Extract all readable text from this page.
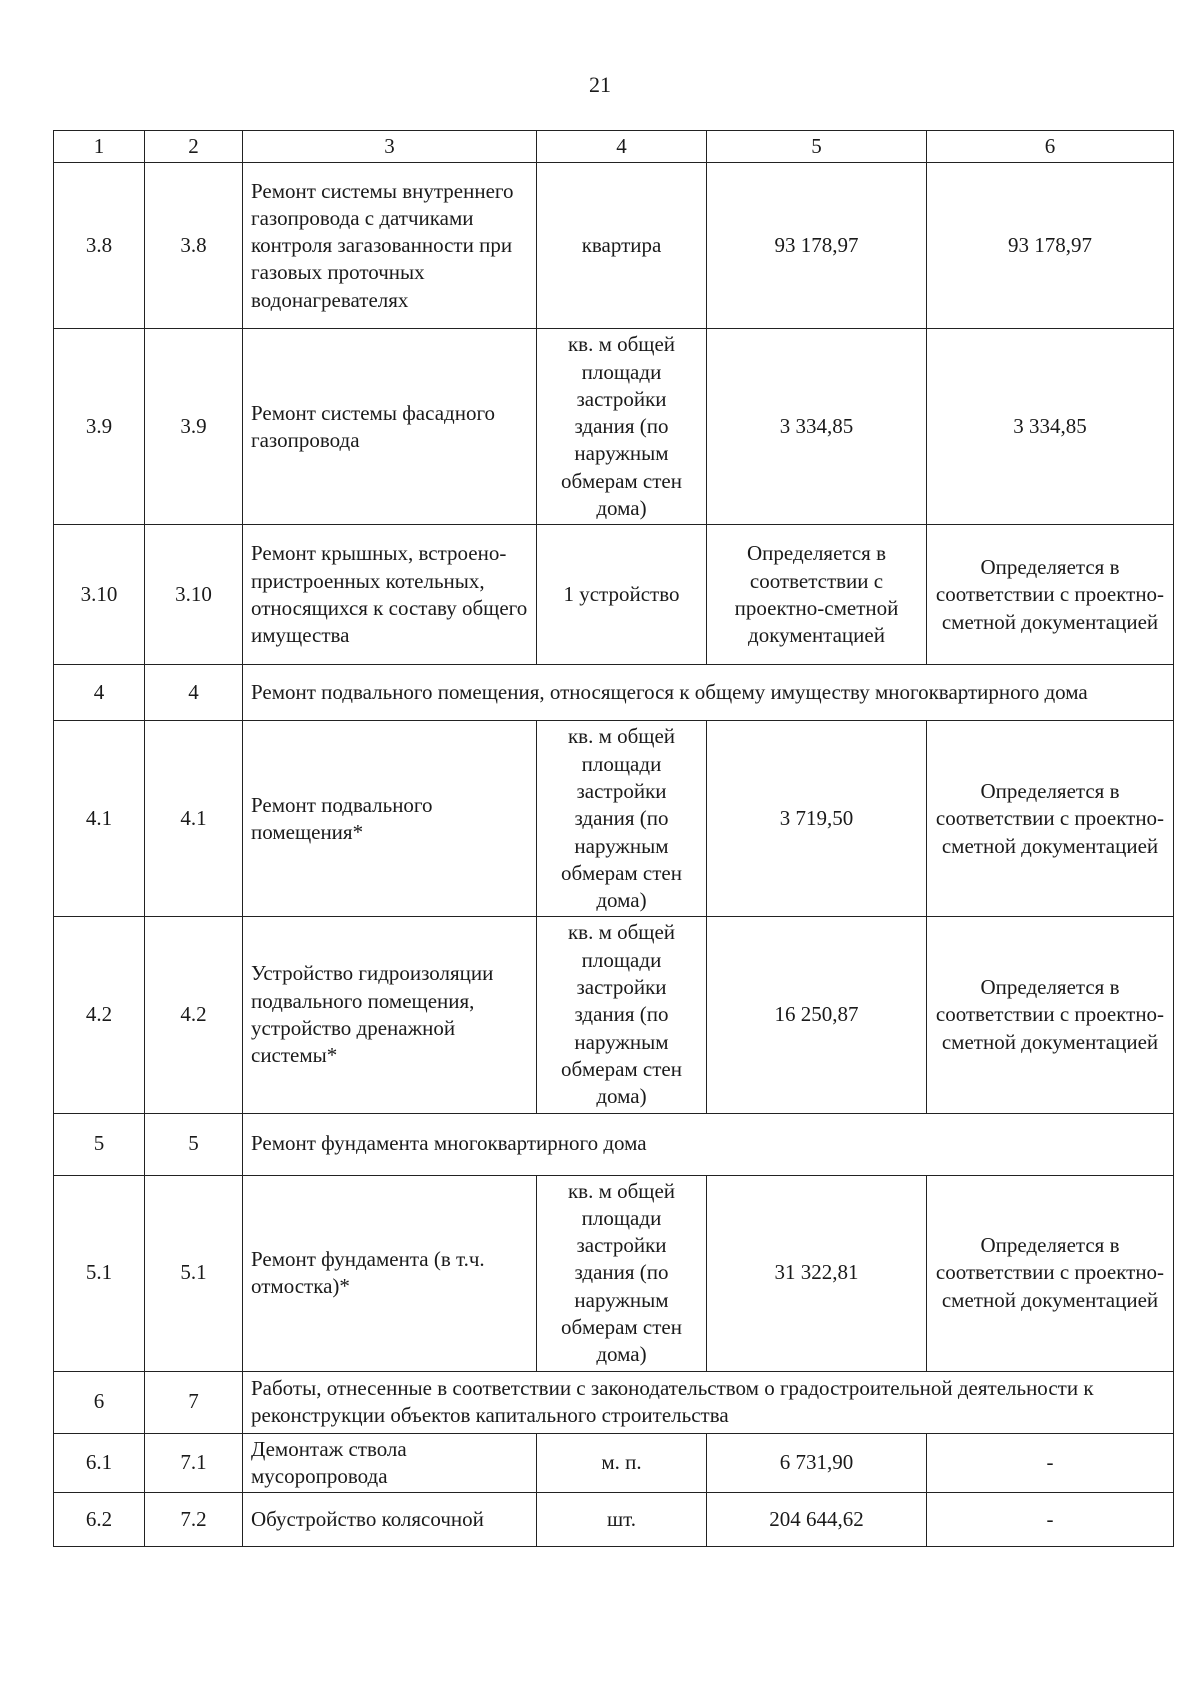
21
1	2	3	4	5	6
3.8	3.8	Ремонт системы внутреннего газопровода с датчиками контроля загазованности при газовых проточных водонагревателях	квартира	93 178,97	93 178,97
3.9	3.9	Ремонт системы фасадного газопровода	кв. м общей площади застройки здания (по наружным обмерам стен дома)	3 334,85	3 334,85
3.10	3.10	Ремонт крышных, встроено-пристроенных котельных, относящихся к составу общего имущества	1 устройство	Определяется в соответствии с проектно-сметной документацией	Определяется в соответствии с проектно-сметной документацией
4	4	Ремонт подвального помещения, относящегося к общему имуществу многоквартирного дома			
4.1	4.1	Ремонт подвального помещения*	кв. м общей площади застройки здания (по наружным обмерам стен дома)	3 719,50	Определяется в соответствии с проектно-сметной документацией
4.2	4.2	Устройство гидроизоляции подвального помещения, устройство дренажной системы*	кв. м общей площади застройки здания (по наружным обмерам стен дома)	16 250,87	Определяется в соответствии с проектно-сметной документацией
5	5	Ремонт фундамента многоквартирного дома			
5.1	5.1	Ремонт фундамента (в т.ч. отмостка)*	кв. м общей площади застройки здания (по наружным обмерам стен дома)	31 322,81	Определяется в соответствии с проектно-сметной документацией
6	7	Работы, отнесенные в соответствии с законодательством о градостроительной деятельности к реконструкции объектов капитального строительства			
6.1	7.1	Демонтаж ствола мусоропровода	м. п.	6 731,90	-
6.2	7.2	Обустройство колясочной	шт.	204 644,62	-
